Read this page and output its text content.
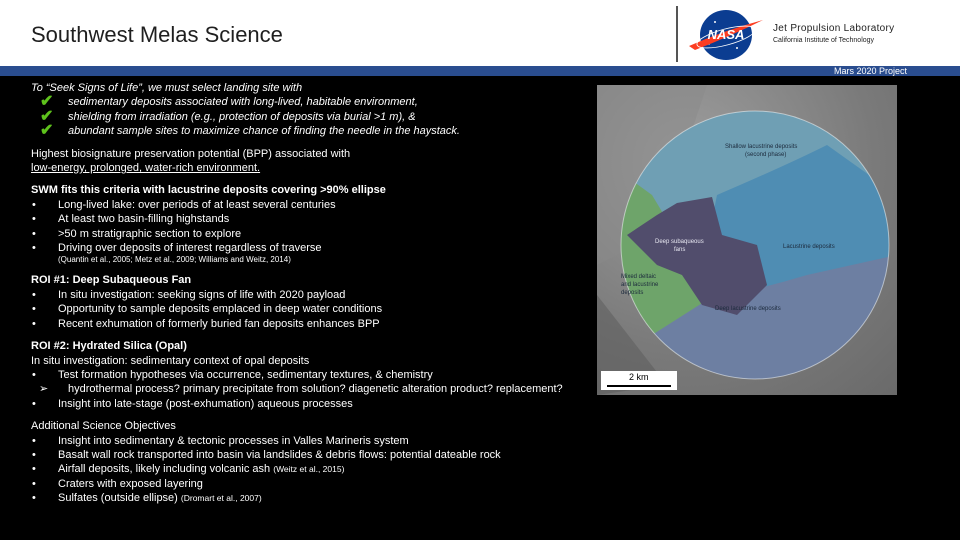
Southwest Melas Science	NASA	Jet Propulsion Laboratory
California Institute of Technology
Mars 2020 Project
To “Seek Signs of Life”, we must select landing site with
✔ sedimentary deposits associated with long-lived, habitable environment,
✔ shielding from irradiation (e.g., protection of deposits via burial >1 m), &
✔ abundant sample sites to maximize chance of finding the needle in the haystack.
Highest biosignature preservation potential (BPP) associated with
low-energy, prolonged, water-rich environment.
SWM fits this criteria with lacustrine deposits covering >90% ellipse
• Long-lived lake: over periods of at least several centuries
• At least two basin-filling highstands
• >50 m stratigraphic section to explore
• Driving over deposits of interest regardless of traverse
(Quantin et al., 2005; Metz et al., 2009; Williams and Weitz, 2014)
ROI #1: Deep Subaqueous Fan
• In situ investigation: seeking signs of life with 2020 payload
• Opportunity to sample deposits emplaced in deep water conditions
• Recent exhumation of formerly buried fan deposits enhances BPP
ROI #2: Hydrated Silica (Opal)
In situ investigation: sedimentary context of opal deposits
• Test formation hypotheses via occurrence, sedimentary textures, & chemistry
➢ hydrothermal process? primary precipitate from solution? diagenetic alteration product? replacement?
• Insight into late-stage (post-exhumation) aqueous processes
Additional Science Objectives
• Insight into sedimentary & tectonic processes in Valles Marineris system
• Basalt wall rock transported into basin via landslides & debris flows: potential dateable rock
• Airfall deposits, likely including volcanic ash (Weitz et al., 2015)
• Craters with exposed layering
• Sulfates (outside ellipse) (Dromart et al., 2007)
Shallow lacustrine deposits
(second phase)
Deep subaqueous
fans	Lacustrine deposits
Mixed deltaic
and lacustrine
deposits
Deep lacustrine deposits
2 km
